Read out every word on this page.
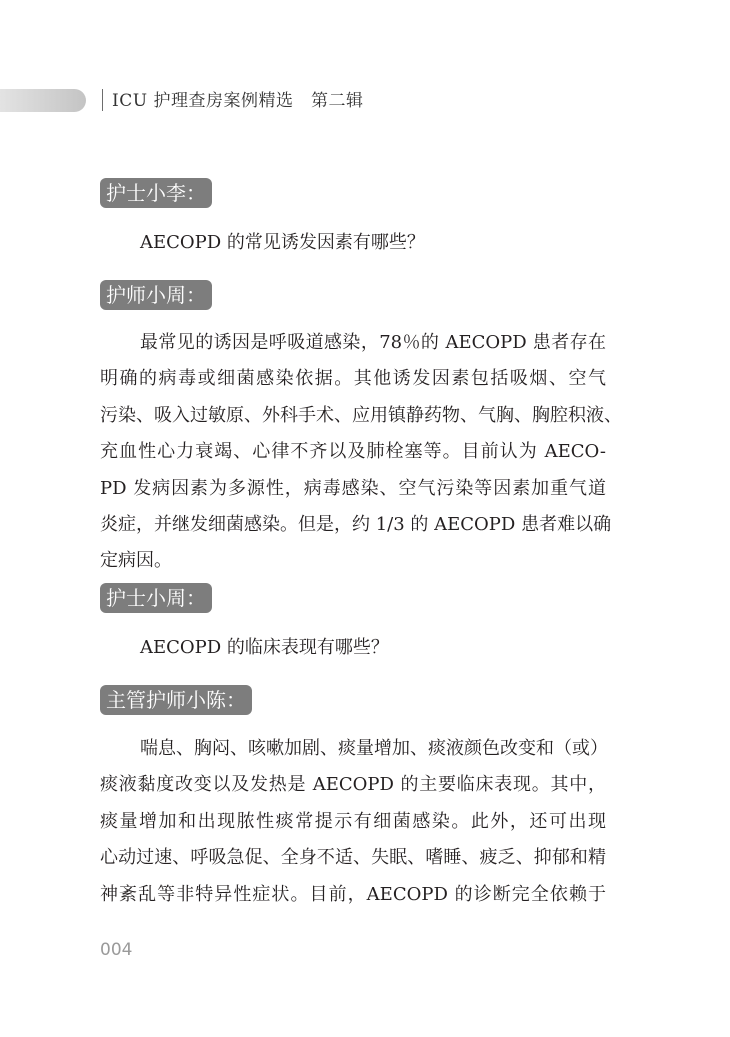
ICU 护理查房案例精选　第二辑
护士小李：
AECOPD 的常见诱发因素有哪些？
护师小周：
最常见的诱因是呼吸道感染，78％的 AECOPD 患者存在
明确的病毒或细菌感染依据。其他诱发因素包括吸烟、空气
污染、吸入过敏原、外科手术、应用镇静药物、气胸、胸腔积液、
充血性心力衰竭、心律不齐以及肺栓塞等。目前认为 AECO-
PD 发病因素为多源性，病毒感染、空气污染等因素加重气道
炎症，并继发细菌感染。但是，约 1/3 的 AECOPD 患者难以确
定病因。
护士小周：
AECOPD 的临床表现有哪些？
主管护师小陈：
喘息、胸闷、咳嗽加剧、痰量增加、痰液颜色改变和（或）
痰液黏度改变以及发热是 AECOPD 的主要临床表现。其中，
痰量增加和出现脓性痰常提示有细菌感染。此外，还可出现
心动过速、呼吸急促、全身不适、失眠、嗜睡、疲乏、抑郁和精
神紊乱等非特异性症状。目前，AECOPD 的诊断完全依赖于
004
